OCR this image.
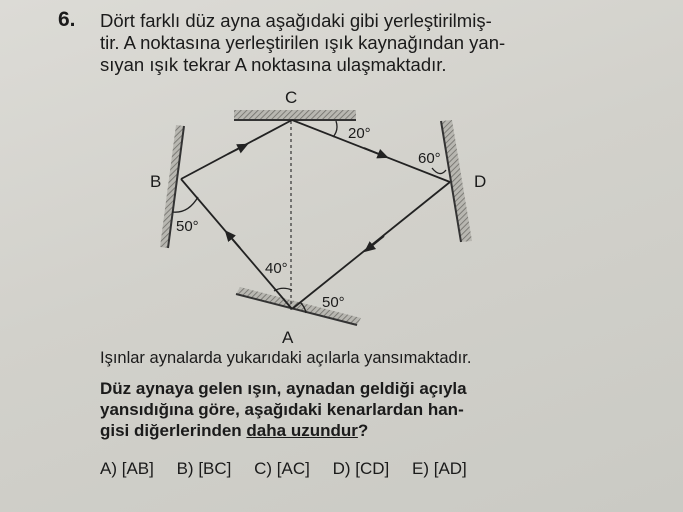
6. Dört farklı düz ayna aşağıdaki gibi yerleştirilmiş-
tir. A noktasına yerleştirilen ışık kaynağından yan-
sıyan ışık tekrar A noktasına ulaşmaktadır.
C
B	D
A
50°
20°
60°
40°
50°
Işınlar aynalarda yukarıdaki açılarla yansımaktadır.
Düz aynaya gelen ışın, aynadan geldiği açıyla
yansıdığına göre, aşağıdaki kenarlardan han-
gisi diğerlerinden daha uzundur?
A) [AB] B) [BC] C) [AC] D) [CD] E) [AD]
